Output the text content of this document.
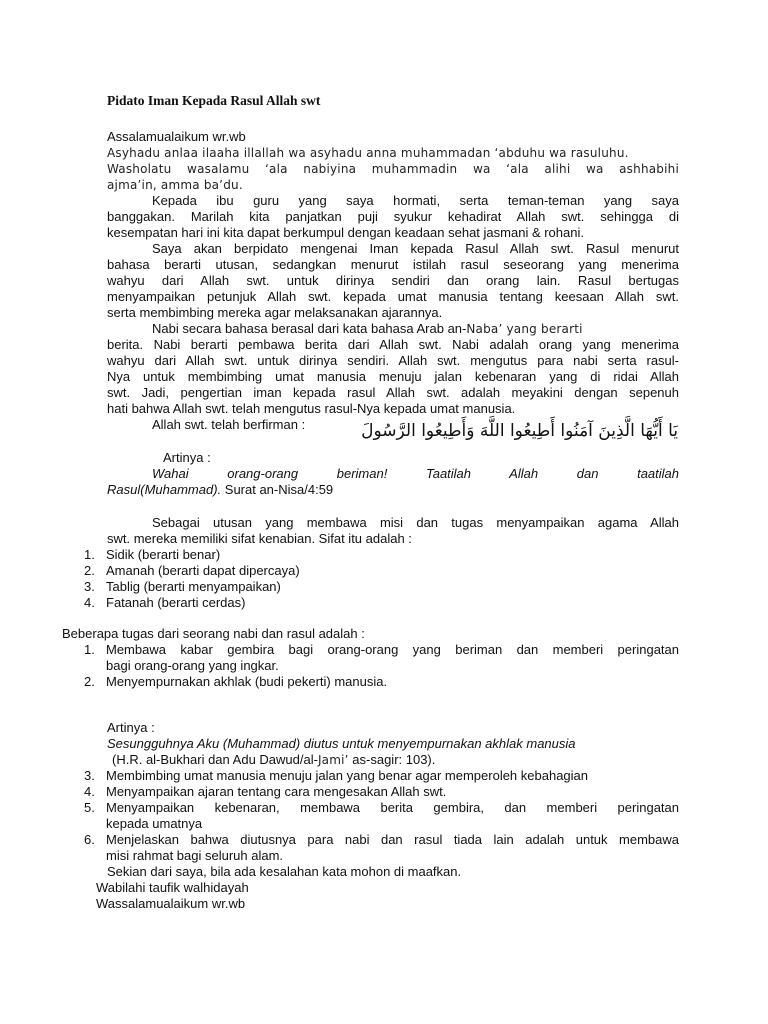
Pidato Iman Kepada Rasul Allah swt
Assalamualaikum wr.wb
Asyhadu anlaa ilaaha illallah wa asyhadu anna muhammadan ‘abduhu wa rasuluhu.
Washolatu wasalamu ‘ala nabiyina muhammadin wa ‘ala alihi wa ashhabihi
ajma’in, amma ba’du.
Kepada ibu guru yang saya hormati, serta teman-teman yang saya
banggakan. Marilah kita panjatkan puji syukur kehadirat Allah swt. sehingga di
kesempatan hari ini kita dapat berkumpul dengan keadaan sehat jasmani & rohani.
Saya akan berpidato mengenai Iman kepada Rasul Allah swt. Rasul menurut
bahasa berarti utusan, sedangkan menurut istilah rasul seseorang yang menerima
wahyu dari Allah swt. untuk dirinya sendiri dan orang lain. Rasul bertugas
menyampaikan petunjuk Allah swt. kepada umat manusia tentang keesaan Allah swt.
serta membimbing mereka agar melaksanakan ajarannya.
Nabi secara bahasa berasal dari kata bahasa Arab an-Naba’ yang berarti
berita. Nabi berarti pembawa berita dari Allah swt. Nabi adalah orang yang menerima
wahyu dari Allah swt. untuk dirinya sendiri. Allah swt. mengutus para nabi serta rasul-
Nya untuk membimbing umat manusia menuju jalan kebenaran yang di ridai Allah
swt. Jadi, pengertian iman kepada rasul Allah swt. adalah meyakini dengan sepenuh
hati bahwa Allah swt. telah mengutus rasul-Nya kepada umat manusia.
Allah swt. telah berfirman :	يَا أَيُّهَا الَّذِينَ آمَنُوا أَطِيعُوا اللَّهَ وَأَطِيعُوا الرَّسُولَ
Artinya :
Wahai orang-orang beriman! Taatilah Allah dan taatilah
Rasul(Muhammad). Surat an-Nisa/4:59
Sebagai utusan yang membawa misi dan tugas menyampaikan agama Allah
swt. mereka memiliki sifat kenabian. Sifat itu adalah :
1. Sidik (berarti benar)
2. Amanah (berarti dapat dipercaya)
3. Tablig (berarti menyampaikan)
4. Fatanah (berarti cerdas)
Beberapa tugas dari seorang nabi dan rasul adalah :
1. Membawa kabar gembira bagi orang-orang yang beriman dan memberi peringatan
bagi orang-orang yang ingkar.
2. Menyempurnakan akhlak (budi pekerti) manusia.
Artinya :
Sesungguhnya Aku (Muhammad) diutus untuk menyempurnakan akhlak manusia
(H.R. al-Bukhari dan Adu Dawud/al-Jami’ as-sagir: 103).
3. Membimbing umat manusia menuju jalan yang benar agar memperoleh kebahagian
4. Menyampaikan ajaran tentang cara mengesakan Allah swt.
5. Menyampaikan kebenaran, membawa berita gembira, dan memberi peringatan
kepada umatnya
6. Menjelaskan bahwa diutusnya para nabi dan rasul tiada lain adalah untuk membawa
misi rahmat bagi seluruh alam.
Sekian dari saya, bila ada kesalahan kata mohon di maafkan.
Wabilahi taufik walhidayah
Wassalamualaikum wr.wb
